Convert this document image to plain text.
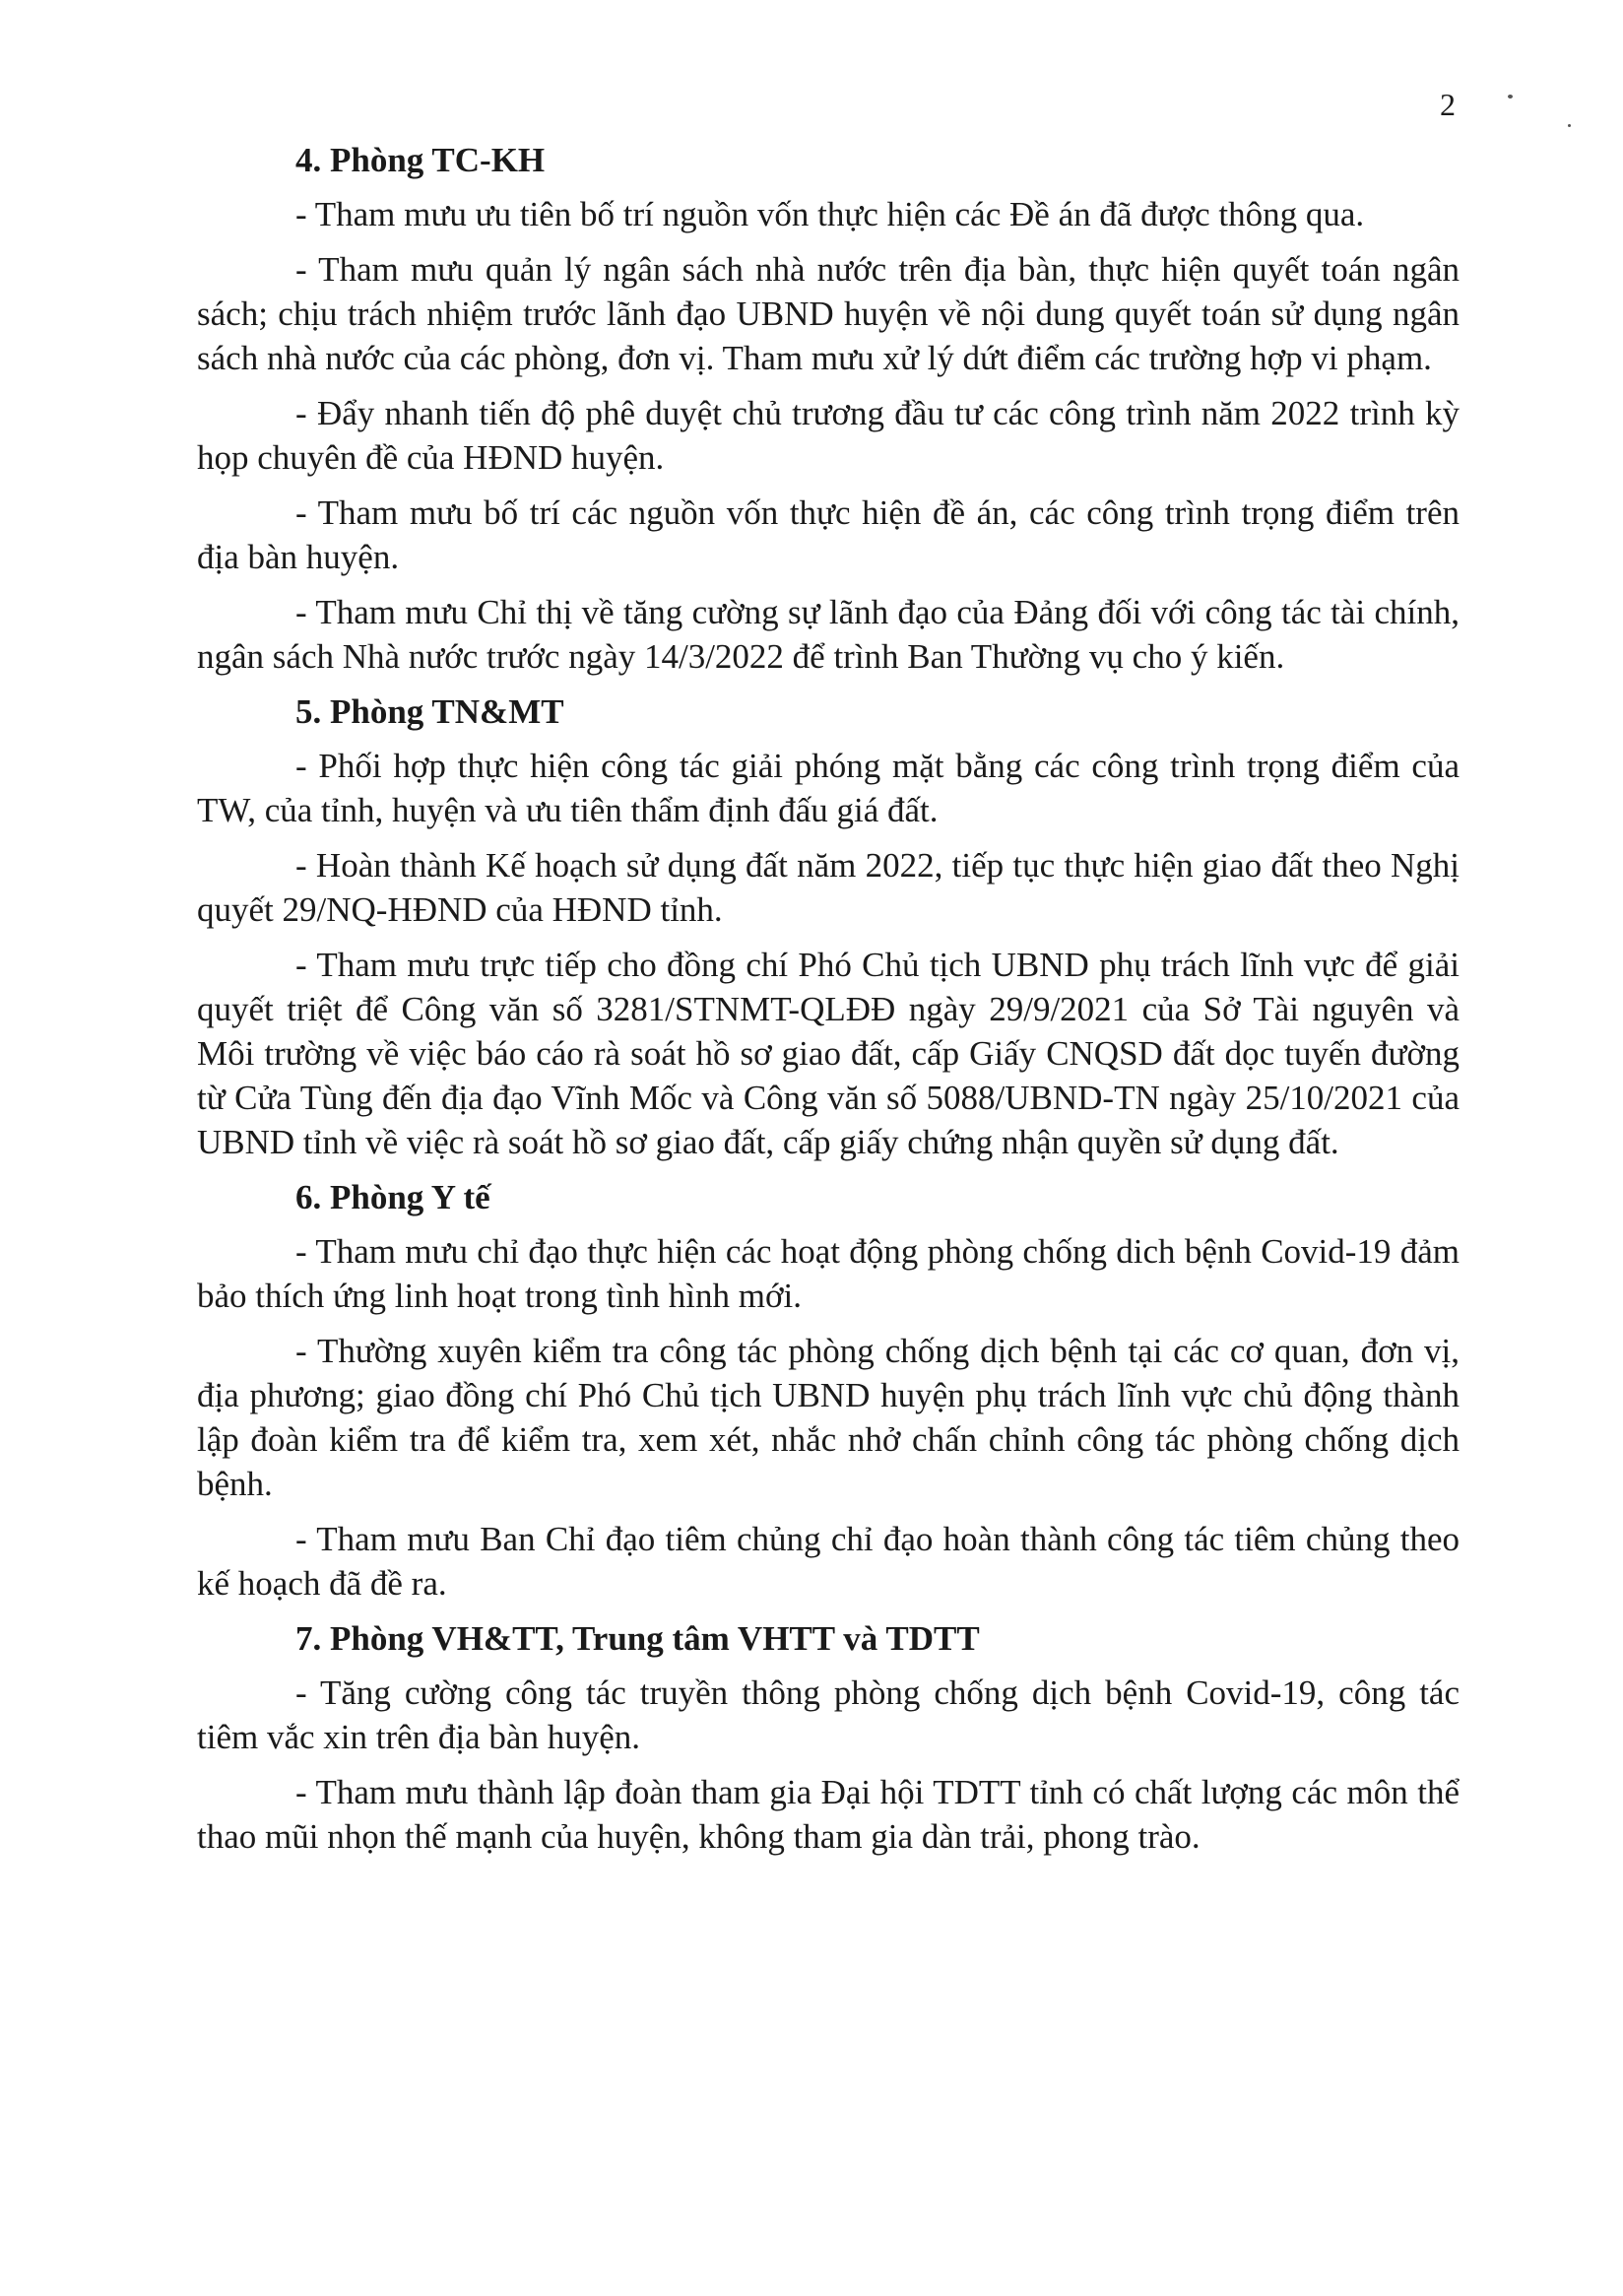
2

4. Phòng TC-KH

- Tham mưu ưu tiên bố trí nguồn vốn thực hiện các Đề án đã được thông qua.

- Tham mưu quản lý ngân sách nhà nước trên địa bàn, thực hiện quyết toán ngân sách; chịu trách nhiệm trước lãnh đạo UBND huyện về nội dung quyết toán sử dụng ngân sách nhà nước của các phòng, đơn vị. Tham mưu xử lý dứt điểm các trường hợp vi phạm.

- Đẩy nhanh tiến độ phê duyệt chủ trương đầu tư các công trình năm 2022 trình kỳ họp chuyên đề của HĐND huyện.

- Tham mưu bố trí các nguồn vốn thực hiện đề án, các công trình trọng điểm trên địa bàn huyện.

- Tham mưu Chỉ thị về tăng cường sự lãnh đạo của Đảng đối với công tác tài chính, ngân sách Nhà nước trước ngày 14/3/2022 để trình Ban Thường vụ cho ý kiến.

5. Phòng TN&MT

- Phối hợp thực hiện công tác giải phóng mặt bằng các công trình trọng điểm của TW, của tỉnh, huyện và ưu tiên thẩm định đấu giá đất.

- Hoàn thành Kế hoạch sử dụng đất năm 2022, tiếp tục thực hiện giao đất theo Nghị quyết 29/NQ-HĐND của HĐND tỉnh.

- Tham mưu trực tiếp cho đồng chí Phó Chủ tịch UBND phụ trách lĩnh vực để giải quyết triệt để Công văn số 3281/STNMT-QLĐĐ ngày 29/9/2021 của Sở Tài nguyên và Môi trường về việc báo cáo rà soát hồ sơ giao đất, cấp Giấy CNQSD đất dọc tuyến đường từ Cửa Tùng đến địa đạo Vĩnh Mốc và Công văn số 5088/UBND-TN ngày 25/10/2021 của UBND tỉnh về việc rà soát hồ sơ giao đất, cấp giấy chứng nhận quyền sử dụng đất.

6. Phòng Y tế

- Tham mưu chỉ đạo thực hiện các hoạt động phòng chống dich bệnh Covid-19 đảm bảo thích ứng linh hoạt trong tình hình mới.

- Thường xuyên kiểm tra công tác phòng chống dịch bệnh tại các cơ quan, đơn vị, địa phương; giao đồng chí Phó Chủ tịch UBND huyện phụ trách lĩnh vực chủ động thành lập đoàn kiểm tra để kiểm tra, xem xét, nhắc nhở chấn chỉnh công tác phòng chống dịch bệnh.

- Tham mưu Ban Chỉ đạo tiêm chủng chỉ đạo hoàn thành công tác tiêm chủng theo kế hoạch đã đề ra.

7. Phòng VH&TT, Trung tâm VHTT và TDTT

- Tăng cường công tác truyền thông phòng chống dịch bệnh Covid-19, công tác tiêm vắc xin trên địa bàn huyện.

- Tham mưu thành lập đoàn tham gia Đại hội TDTT tỉnh có chất lượng các môn thể thao mũi nhọn thế mạnh của huyện, không tham gia dàn trải, phong trào.
